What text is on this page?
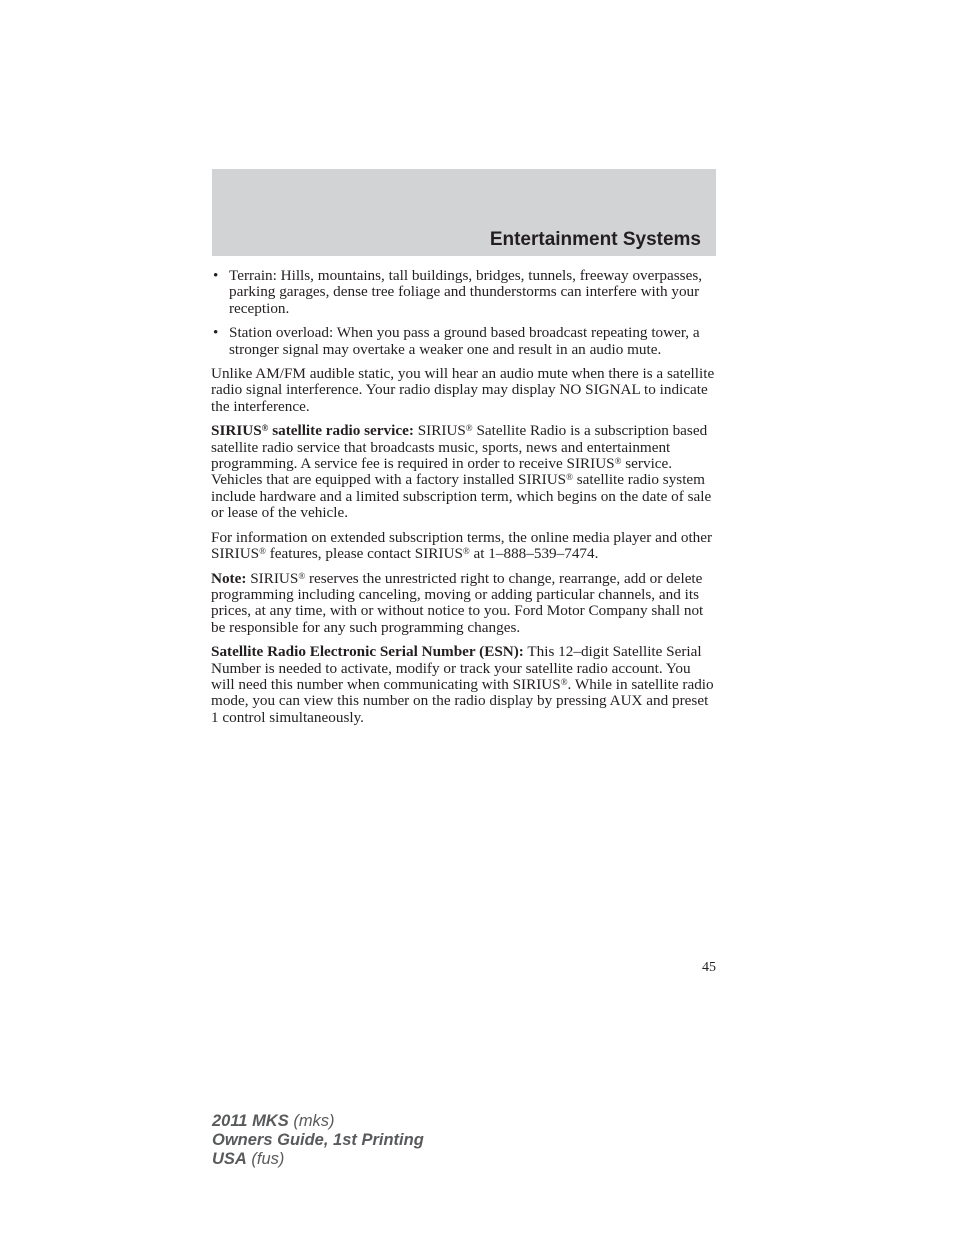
Entertainment Systems
• Terrain: Hills, mountains, tall buildings, bridges, tunnels, freeway overpasses, parking garages, dense tree foliage and thunderstorms can interfere with your reception.
• Station overload: When you pass a ground based broadcast repeating tower, a stronger signal may overtake a weaker one and result in an audio mute.

Unlike AM/FM audible static, you will hear an audio mute when there is a satellite radio signal interference. Your radio display may display NO SIGNAL to indicate the interference.

SIRIUS® satellite radio service: SIRIUS® Satellite Radio is a subscription based satellite radio service that broadcasts music, sports, news and entertainment programming. A service fee is required in order to receive SIRIUS® service. Vehicles that are equipped with a factory installed SIRIUS® satellite radio system include hardware and a limited subscription term, which begins on the date of sale or lease of the vehicle.

For information on extended subscription terms, the online media player and other SIRIUS® features, please contact SIRIUS® at 1–888–539–7474.

Note: SIRIUS® reserves the unrestricted right to change, rearrange, add or delete programming including canceling, moving or adding particular channels, and its prices, at any time, with or without notice to you. Ford Motor Company shall not be responsible for any such programming changes.

Satellite Radio Electronic Serial Number (ESN): This 12–digit Satellite Serial Number is needed to activate, modify or track your satellite radio account. You will need this number when communicating with SIRIUS®. While in satellite radio mode, you can view this number on the radio display by pressing AUX and preset 1 control simultaneously.

45
2011 MKS (mks)
Owners Guide, 1st Printing
USA (fus)
